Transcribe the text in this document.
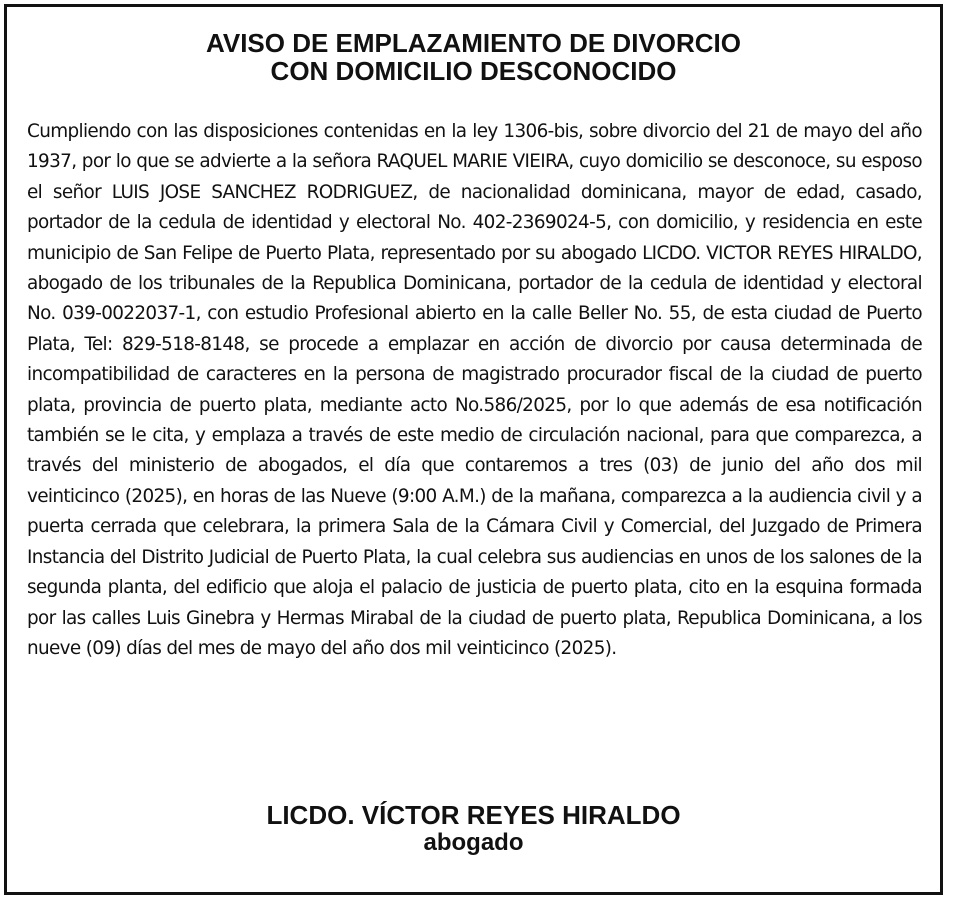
AVISO DE EMPLAZAMIENTO DE DIVORCIO
CON DOMICILIO DESCONOCIDO

Cumpliendo con las disposiciones contenidas en la ley 1306-bis, sobre divorcio del 21 de mayo del año 1937, por lo que se advierte a la señora RAQUEL MARIE VIEIRA, cuyo domicilio se desconoce, su esposo el señor LUIS JOSE SANCHEZ RODRIGUEZ, de nacionalidad dominicana, mayor de edad, casado, portador de la cedula de identidad y electoral No. 402-2369024-5, con domicilio, y residencia en este municipio de San Felipe de Puerto Plata, representado por su abogado LICDO. VICTOR REYES HIRALDO, abogado de los tribunales de la Republica Dominicana, portador de la cedula de identidad y electoral No. 039-0022037-1, con estudio Profesional abierto en la calle Beller No. 55, de esta ciudad de Puerto Plata, Tel: 829-518-8148, se procede a emplazar en acción de divorcio por causa determinada de incompatibilidad de caracteres en la persona de magistrado procurador fiscal de la ciudad de puerto plata, provincia de puerto plata, mediante acto No.586/2025, por lo que además de esa notificación también se le cita, y emplaza a través de este medio de circulación nacional, para que comparezca, a través del ministerio de abogados, el día que contaremos a tres (03) de junio del año dos mil veinticinco (2025), en horas de las Nueve (9:00 A.M.) de la mañana, comparezca a la audiencia civil y a puerta cerrada que celebrara, la primera Sala de la Cámara Civil y Comercial, del Juzgado de Primera Instancia del Distrito Judicial de Puerto Plata, la cual celebra sus audiencias en unos de los salones de la segunda planta, del edificio que aloja el palacio de justicia de puerto plata, cito en la esquina formada por las calles Luis Ginebra y Hermas Mirabal de la ciudad de puerto plata, Republica Dominicana, a los nueve (09) días del mes de mayo del año dos mil veinticinco (2025).

LICDO. VÍCTOR REYES HIRALDO
abogado
